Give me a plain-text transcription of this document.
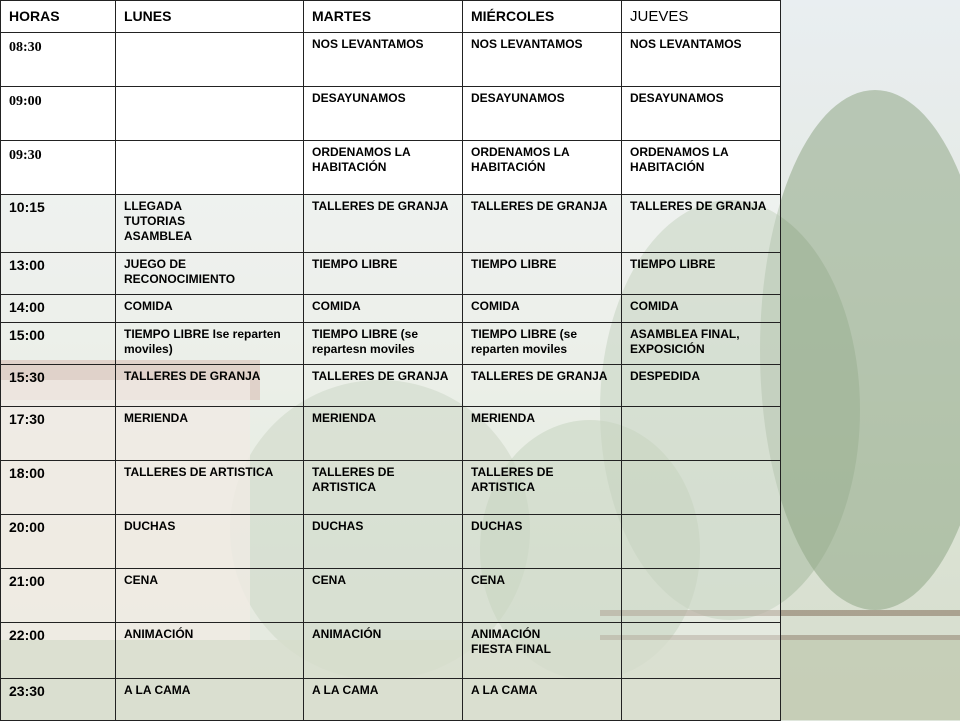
HORAS	LUNES	MARTES	MIÉRCOLES	JUEVES
08:30		NOS LEVANTAMOS	NOS LEVANTAMOS	NOS LEVANTAMOS
09:00		DESAYUNAMOS	DESAYUNAMOS	DESAYUNAMOS
09:30		ORDENAMOS LA HABITACIÓN	ORDENAMOS LA HABITACIÓN	ORDENAMOS LA HABITACIÓN
10:15	LLEGADA
TUTORIAS
ASAMBLEA	TALLERES DE GRANJA	TALLERES DE GRANJA	TALLERES DE GRANJA
13:00	JUEGO DE RECONOCIMIENTO	TIEMPO LIBRE	TIEMPO LIBRE	TIEMPO LIBRE
14:00	COMIDA	COMIDA	COMIDA	COMIDA
15:00	TIEMPO LIBRE Ise reparten moviles)	TIEMPO LIBRE (se repartesn moviles	TIEMPO LIBRE (se reparten moviles	ASAMBLEA FINAL, EXPOSICIÓN
15:30	TALLERES DE GRANJA	TALLERES DE GRANJA	TALLERES DE GRANJA	DESPEDIDA
17:30	MERIENDA	MERIENDA	MERIENDA	
18:00	TALLERES DE ARTISTICA	TALLERES DE ARTISTICA	TALLERES DE ARTISTICA	
20:00	DUCHAS	DUCHAS	DUCHAS	
21:00	CENA	CENA	CENA	
22:00	ANIMACIÓN	ANIMACIÓN	ANIMACIÓN
FIESTA FINAL	
23:30	A LA CAMA	A LA CAMA	A LA CAMA	
